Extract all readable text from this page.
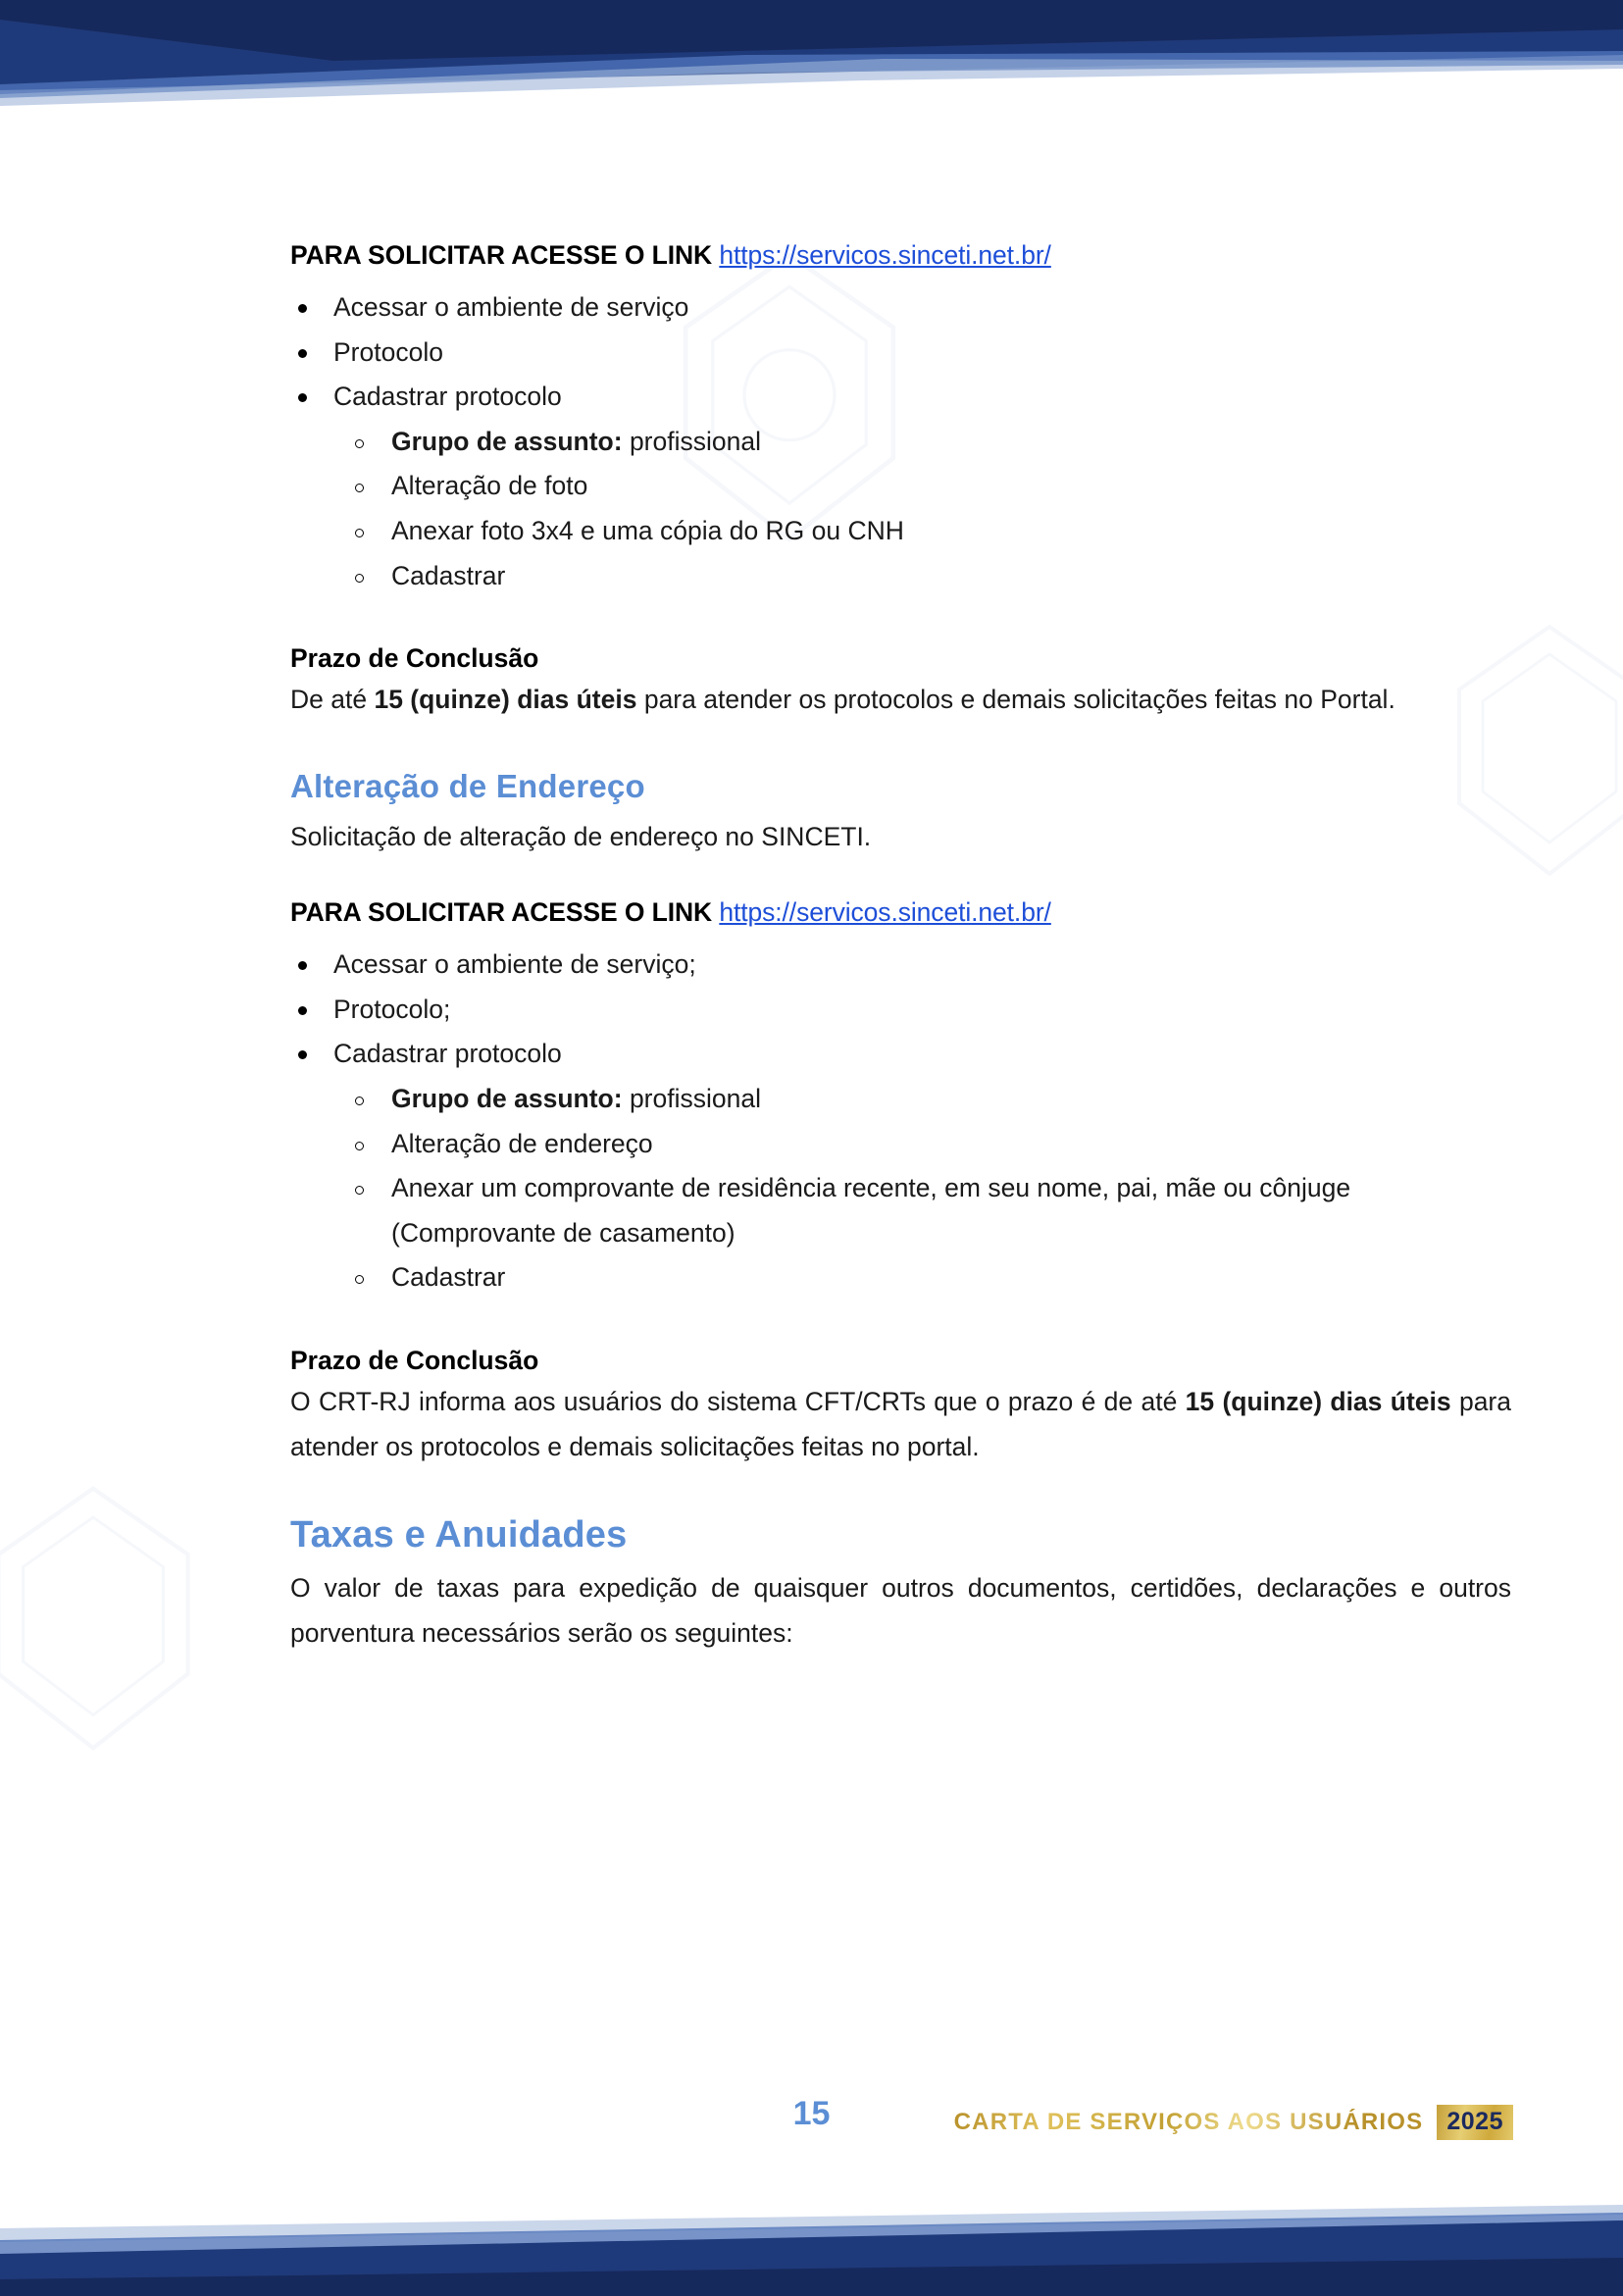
PARA SOLICITAR ACESSE O LINK https://servicos.sinceti.net.br/

Acessar o ambiente de serviço
Protocolo
Cadastrar protocolo
Grupo de assunto: profissional
Alteração de foto
Anexar foto 3x4 e uma cópia do RG ou CNH
Cadastrar

Prazo de Conclusão

De até 15 (quinze) dias úteis para atender os protocolos e demais solicitações feitas no Portal.

Alteração de Endereço

Solicitação de alteração de endereço no SINCETI.

PARA SOLICITAR ACESSE O LINK https://servicos.sinceti.net.br/

Acessar o ambiente de serviço;
Protocolo;
Cadastrar protocolo
Grupo de assunto: profissional
Alteração de endereço
Anexar um comprovante de residência recente, em seu nome, pai, mãe ou cônjuge (Comprovante de casamento)
Cadastrar

Prazo de Conclusão

O CRT-RJ informa aos usuários do sistema CFT/CRTs que o prazo é de até 15 (quinze) dias úteis para atender os protocolos e demais solicitações feitas no portal.

Taxas e Anuidades

O valor de taxas para expedição de quaisquer outros documentos, certidões, declarações e outros porventura necessários serão os seguintes:

15	CARTA DE SERVIÇOS AOS USUÁRIOS 2025
